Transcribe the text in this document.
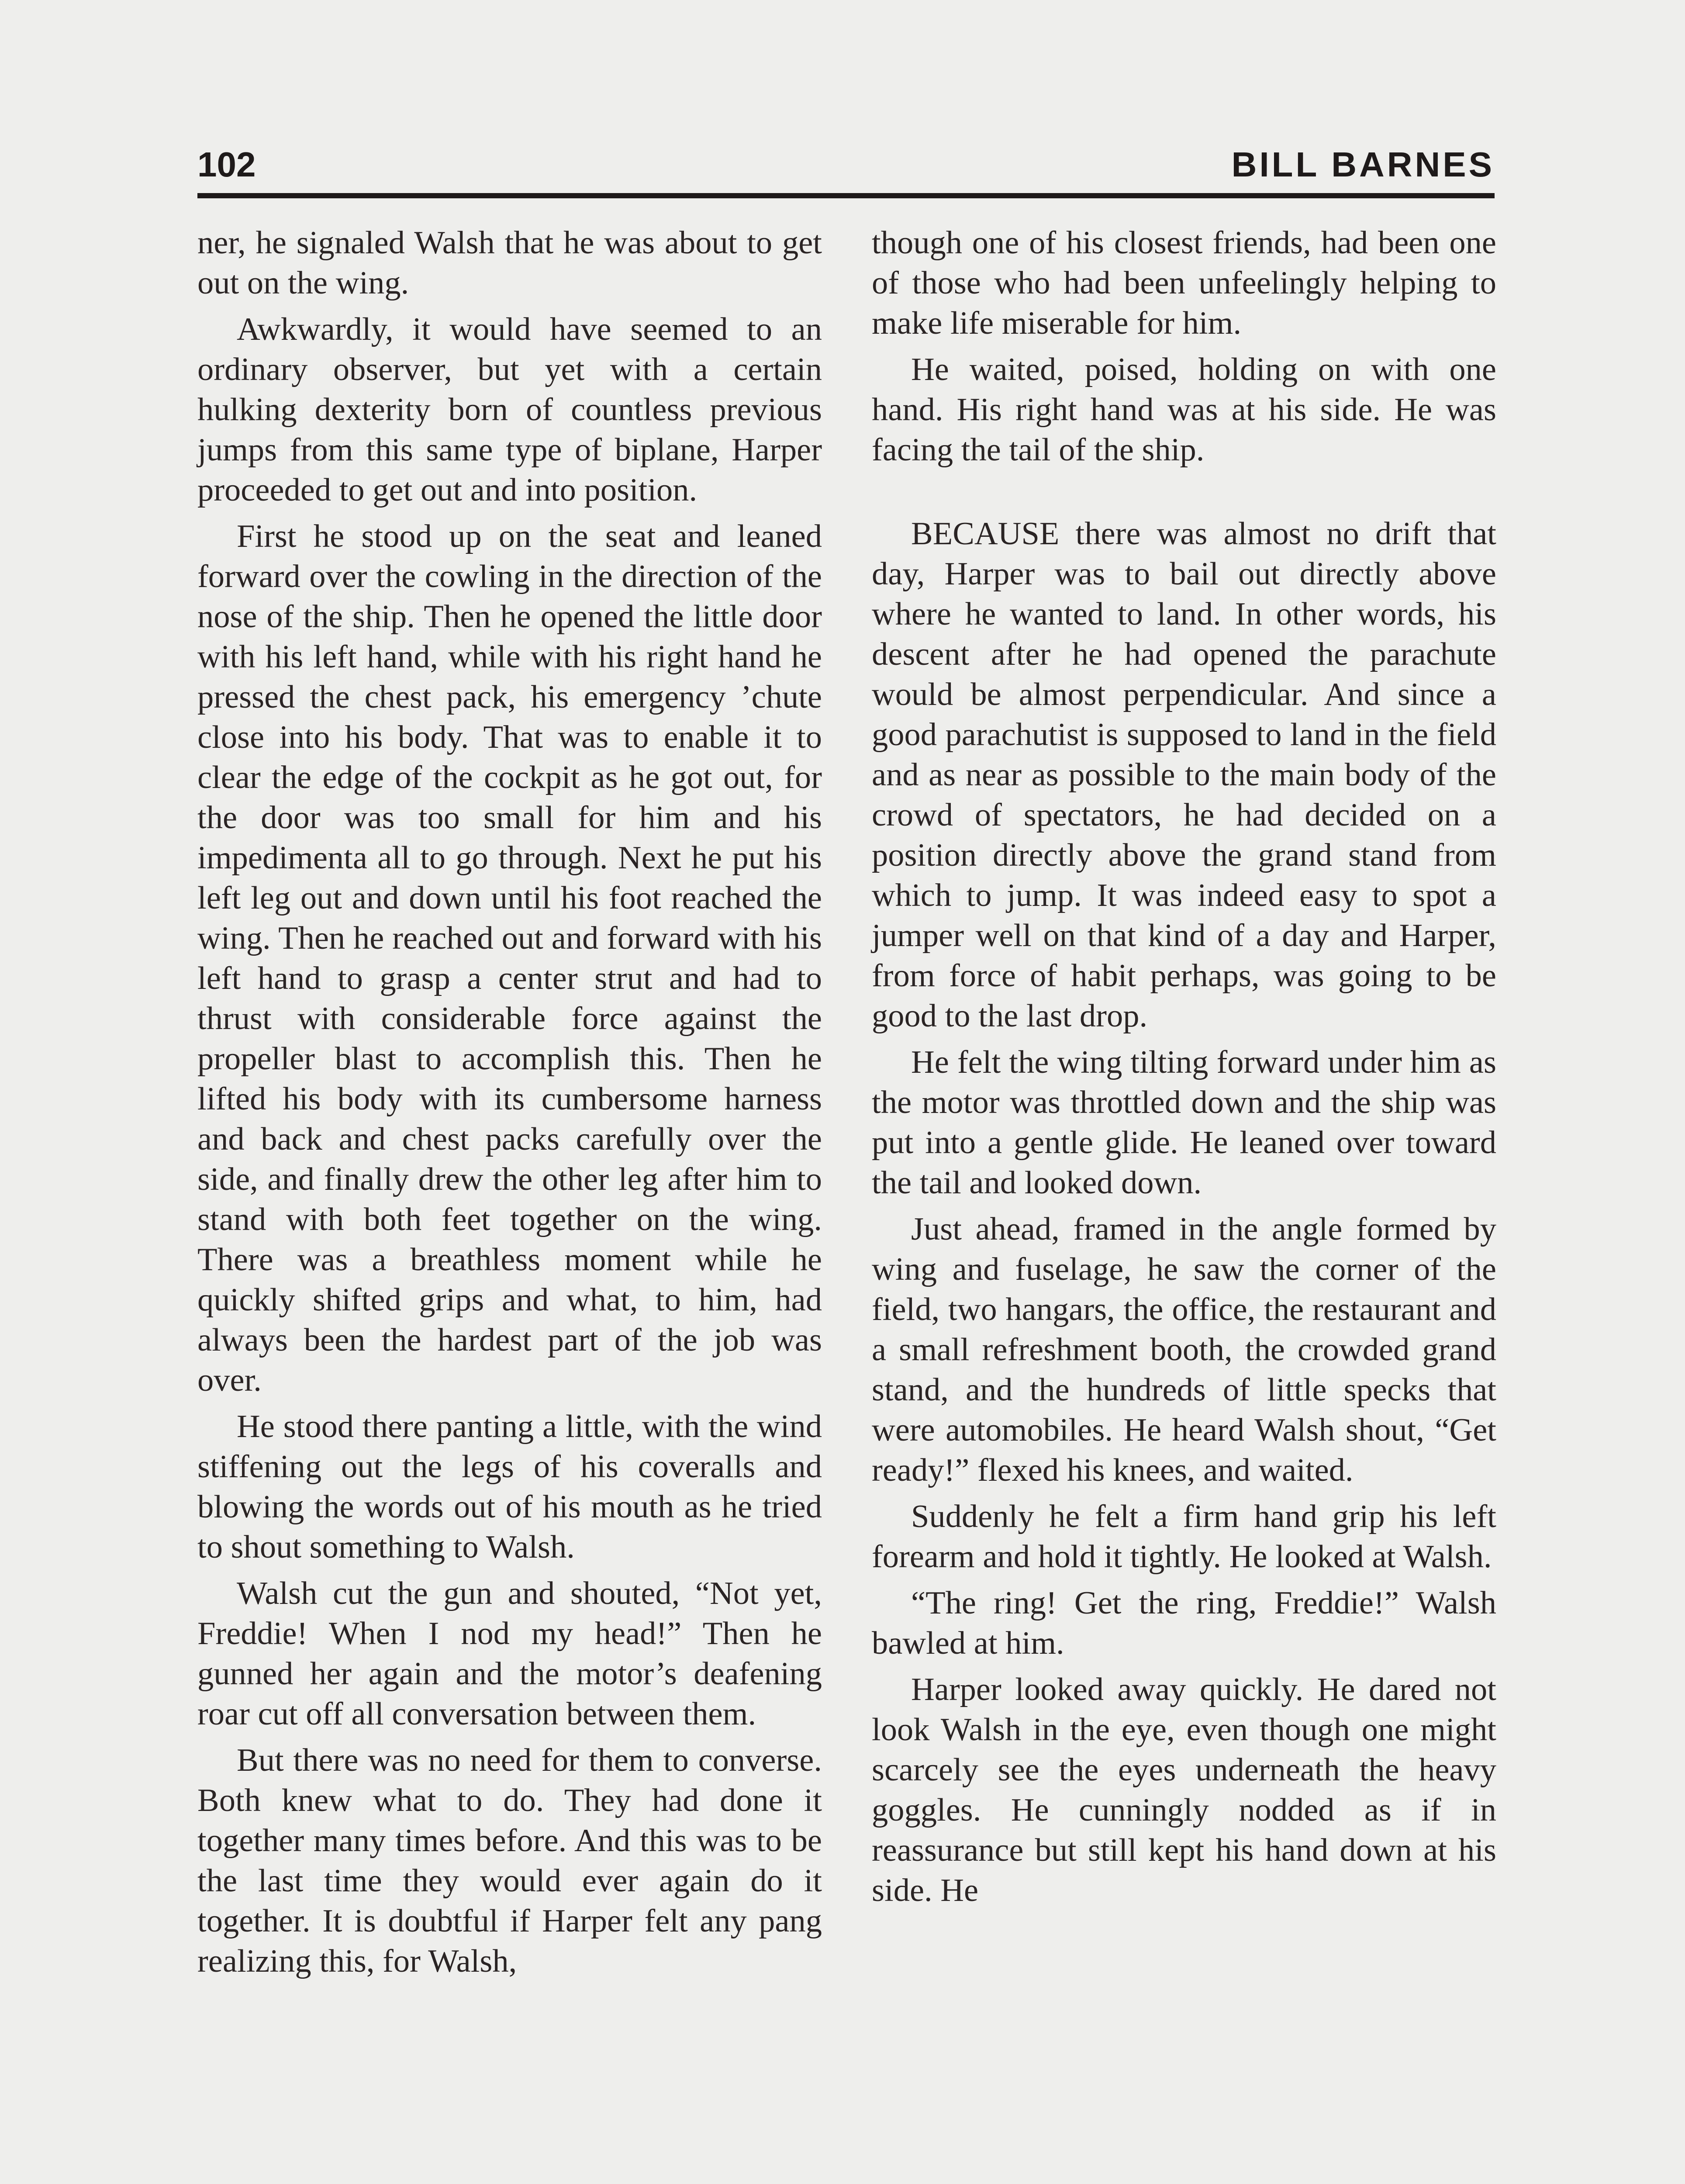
102	BILL BARNES

ner, he signaled Walsh that he was about to get out on the wing.

Awkwardly, it would have seemed to an ordinary observer, but yet with a certain hulking dexterity born of countless previous jumps from this same type of biplane, Harper proceeded to get out and into position.

First he stood up on the seat and leaned forward over the cowling in the direction of the nose of the ship. Then he opened the little door with his left hand, while with his right hand he pressed the chest pack, his emergency ’chute close into his body. That was to enable it to clear the edge of the cockpit as he got out, for the door was too small for him and his impedimenta all to go through. Next he put his left leg out and down until his foot reached the wing. Then he reached out and forward with his left hand to grasp a center strut and had to thrust with considerable force against the propeller blast to accomplish this. Then he lifted his body with its cumbersome harness and back and chest packs carefully over the side, and finally drew the other leg after him to stand with both feet together on the wing. There was a breathless moment while he quickly shifted grips and what, to him, had always been the hardest part of the job was over.

He stood there panting a little, with the wind stiffening out the legs of his coveralls and blowing the words out of his mouth as he tried to shout something to Walsh.

Walsh cut the gun and shouted, “Not yet, Freddie! When I nod my head!” Then he gunned her again and the motor’s deafening roar cut off all conversation between them.

But there was no need for them to converse. Both knew what to do. They had done it together many times before. And this was to be the last time they would ever again do it together. It is doubtful if Harper felt any pang realizing this, for Walsh,

though one of his closest friends, had been one of those who had been unfeelingly helping to make life miserable for him.

He waited, poised, holding on with one hand. His right hand was at his side. He was facing the tail of the ship.

BECAUSE there was almost no drift that day, Harper was to bail out directly above where he wanted to land. In other words, his descent after he had opened the parachute would be almost perpendicular. And since a good parachutist is supposed to land in the field and as near as possible to the main body of the crowd of spectators, he had decided on a position directly above the grand stand from which to jump. It was indeed easy to spot a jumper well on that kind of a day and Harper, from force of habit perhaps, was going to be good to the last drop.

He felt the wing tilting forward under him as the motor was throttled down and the ship was put into a gentle glide. He leaned over toward the tail and looked down.

Just ahead, framed in the angle formed by wing and fuselage, he saw the corner of the field, two hangars, the office, the restaurant and a small refreshment booth, the crowded grand stand, and the hundreds of little specks that were automobiles. He heard Walsh shout, “Get ready!” flexed his knees, and waited.

Suddenly he felt a firm hand grip his left forearm and hold it tightly. He looked at Walsh.

“The ring! Get the ring, Freddie!” Walsh bawled at him.

Harper looked away quickly. He dared not look Walsh in the eye, even though one might scarcely see the eyes underneath the heavy goggles. He cunningly nodded as if in reassurance but still kept his hand down at his side. He
